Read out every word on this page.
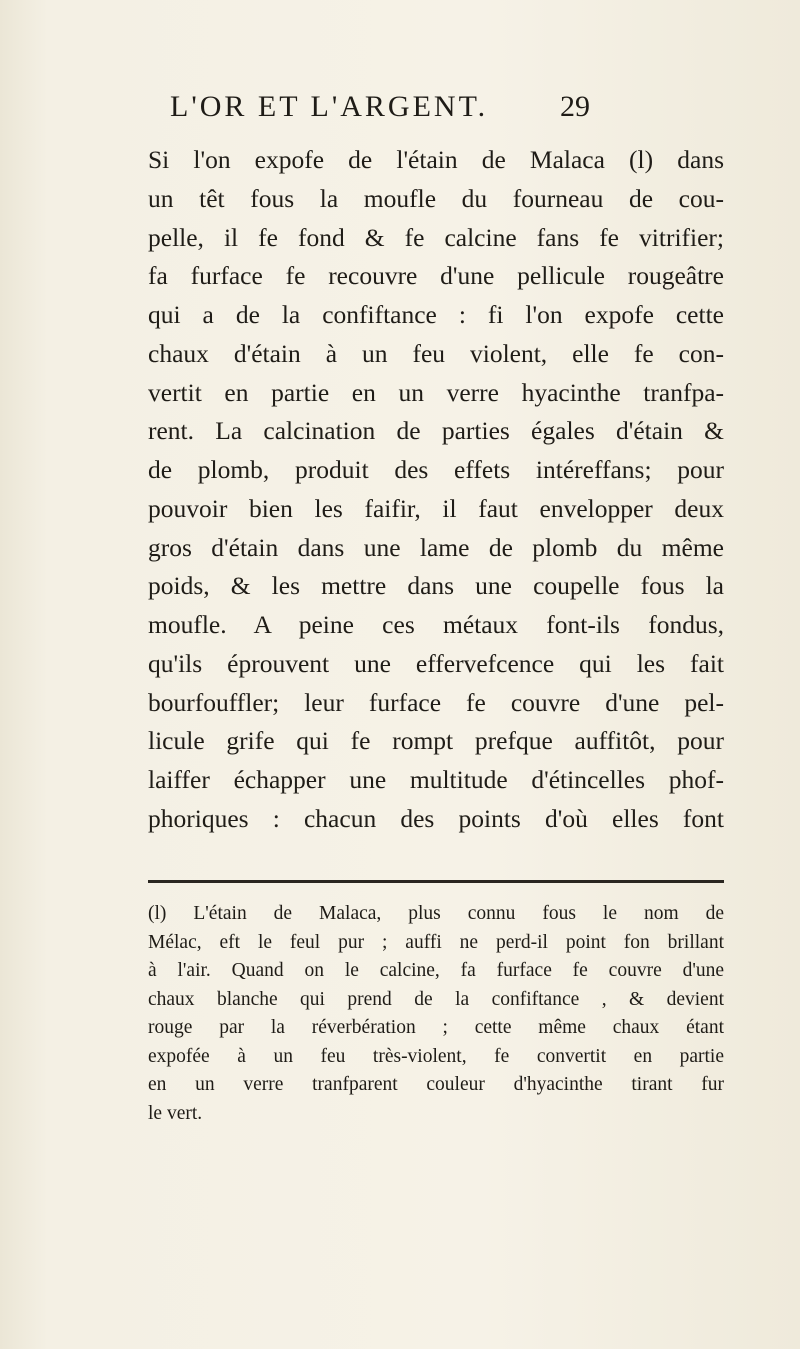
L'OR ET L'ARGENT. 29
Si l'on expofe de l'étain de Malaca (l) dans
un têt fous la moufle du fourneau de cou-
pelle, il fe fond & fe calcine fans fe vitrifier;
fa furface fe recouvre d'une pellicule rougeâtre
qui a de la confiftance : fi l'on expofe cette
chaux d'étain à un feu violent, elle fe con-
vertit en partie en un verre hyacinthe tranfpa-
rent. La calcination de parties égales d'étain &
de plomb, produit des effets intéreffans; pour
pouvoir bien les faifir, il faut envelopper deux
gros d'étain dans une lame de plomb du même
poids, & les mettre dans une coupelle fous la
moufle. A peine ces métaux font-ils fondus,
qu'ils éprouvent une effervefcence qui les fait
bourfouffler; leur furface fe couvre d'une pel-
licule grife qui fe rompt prefque auffitôt, pour
laiffer échapper une multitude d'étincelles phof-
phoriques : chacun des points d'où elles font
(l) L'étain de Malaca, plus connu fous le nom de
Mélac, eft le feul pur ; auffi ne perd-il point fon brillant
à l'air. Quand on le calcine, fa furface fe couvre d'une
chaux blanche qui prend de la confiftance , & devient
rouge par la réverbération ; cette même chaux étant
expofée à un feu très-violent, fe convertit en partie
en un verre tranfparent couleur d'hyacinthe tirant fur
le vert.
